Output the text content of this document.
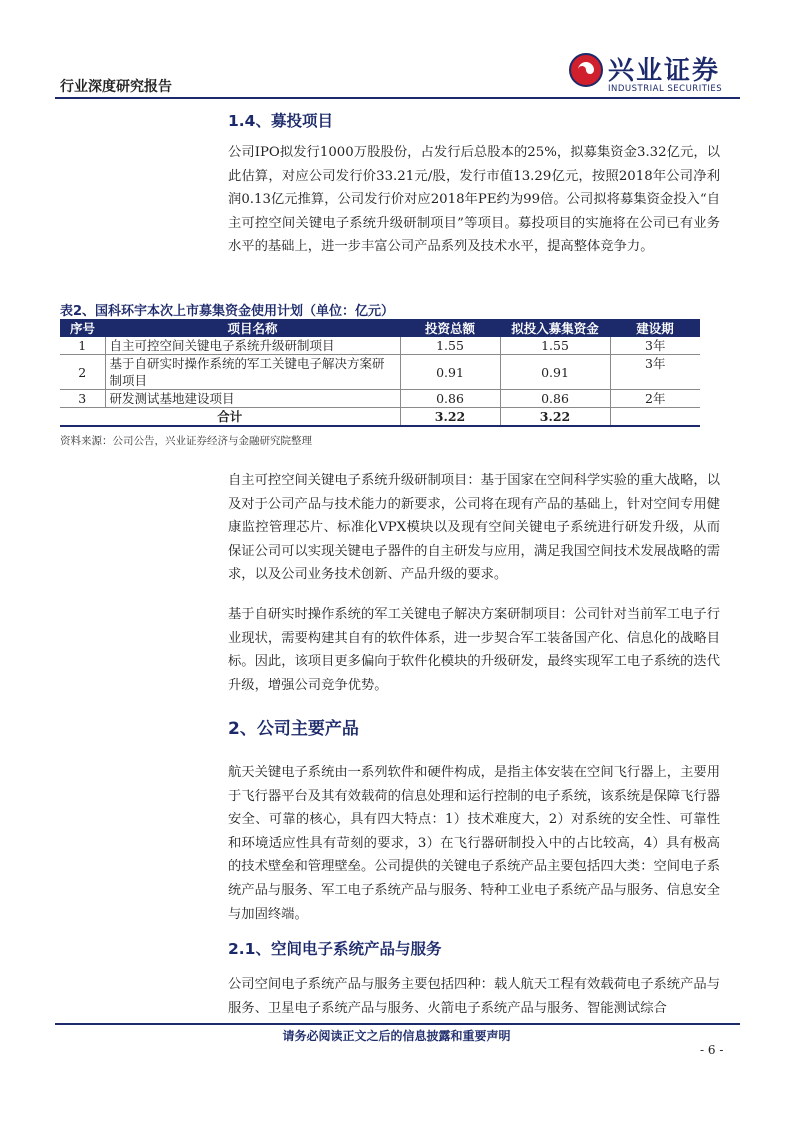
行业深度研究报告
兴业证券
INDUSTRIAL SECURITIES
1.4、募投项目
公司IPO拟发行1000万股股份，占发行后总股本的25%，拟募集资金3.32亿元，以此估算，对应公司发行价33.21元/股，发行市值13.29亿元，按照2018年公司净利润0.13亿元推算，公司发行价对应2018年PE约为99倍。公司拟将募集资金投入“自主可控空间关键电子系统升级研制项目”等项目。募投项目的实施将在公司已有业务水平的基础上，进一步丰富公司产品系列及技术水平，提高整体竞争力。
表2、国科环宇本次上市募集资金使用计划（单位：亿元）
序号	项目名称	投资总额	拟投入募集资金	建设期
1	自主可控空间关键电子系统升级研制项目	1.55	1.55	3年
2	基于自研实时操作系统的军工关键电子解决方案研制项目	0.91	0.91	3年
3	研发测试基地建设项目	0.86	0.86	2年
合计		3.22	3.22	
资料来源：公司公告，兴业证券经济与金融研究院整理
自主可控空间关键电子系统升级研制项目：基于国家在空间科学实验的重大战略，以及对于公司产品与技术能力的新要求，公司将在现有产品的基础上，针对空间专用健康监控管理芯片、标准化VPX模块以及现有空间关键电子系统进行研发升级，从而保证公司可以实现关键电子器件的自主研发与应用，满足我国空间技术发展战略的需求，以及公司业务技术创新、产品升级的要求。
基于自研实时操作系统的军工关键电子解决方案研制项目：公司针对当前军工电子行业现状，需要构建其自有的软件体系，进一步契合军工装备国产化、信息化的战略目标。因此，该项目更多偏向于软件化模块的升级研发，最终实现军工电子系统的迭代升级，增强公司竞争优势。
2、公司主要产品
航天关键电子系统由一系列软件和硬件构成，是指主体安装在空间飞行器上，主要用于飞行器平台及其有效载荷的信息处理和运行控制的电子系统，该系统是保障飞行器安全、可靠的核心，具有四大特点：1）技术难度大，2）对系统的安全性、可靠性和环境适应性具有苛刻的要求，3）在飞行器研制投入中的占比较高，4）具有极高的技术壁垒和管理壁垒。公司提供的关键电子系统产品主要包括四大类：空间电子系统产品与服务、军工电子系统产品与服务、特种工业电子系统产品与服务、信息安全与加固终端。
2.1、空间电子系统产品与服务
公司空间电子系统产品与服务主要包括四种：载人航天工程有效载荷电子系统产品与服务、卫星电子系统产品与服务、火箭电子系统产品与服务、智能测试综合
请务必阅读正文之后的信息披露和重要声明
- 6 -
